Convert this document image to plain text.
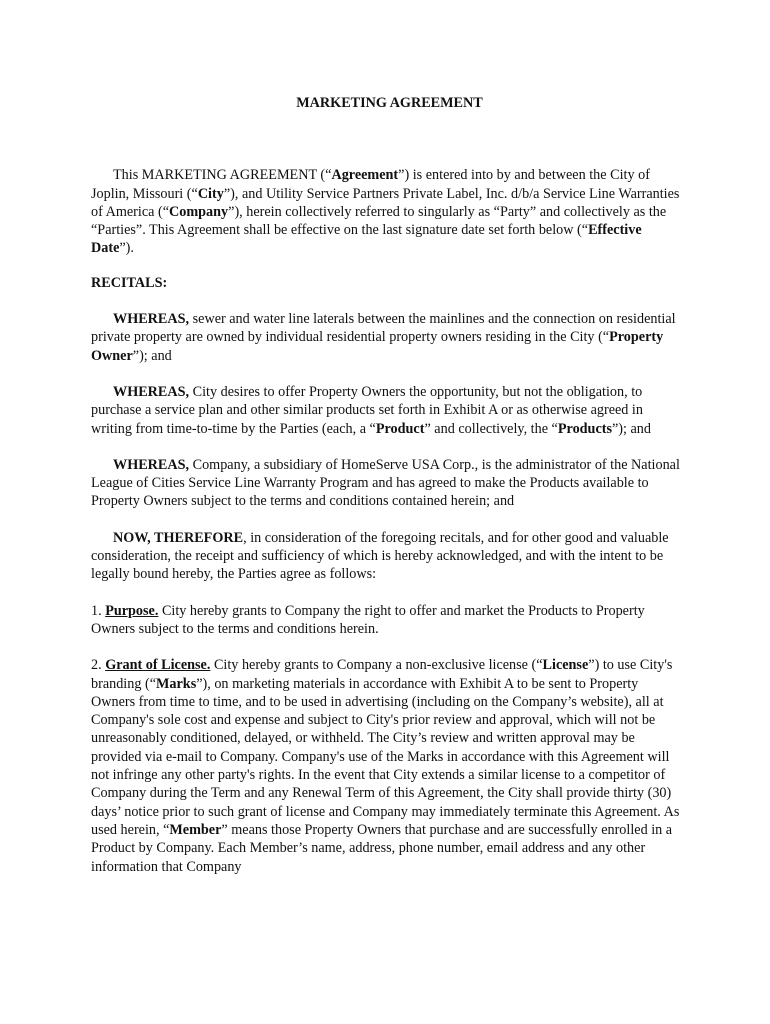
MARKETING AGREEMENT

This MARKETING AGREEMENT (“Agreement”) is entered into by and between the City of Joplin, Missouri (“City”), and Utility Service Partners Private Label, Inc. d/b/a Service Line Warranties of America (“Company”), herein collectively referred to singularly as “Party” and collectively as the “Parties”. This Agreement shall be effective on the last signature date set forth below (“Effective Date”).

RECITALS:

WHEREAS, sewer and water line laterals between the mainlines and the connection on residential private property are owned by individual residential property owners residing in the City (“Property Owner”); and

WHEREAS, City desires to offer Property Owners the opportunity, but not the obligation, to purchase a service plan and other similar products set forth in Exhibit A or as otherwise agreed in writing from time-to-time by the Parties (each, a “Product” and collectively, the “Products”); and

WHEREAS, Company, a subsidiary of HomeServe USA Corp., is the administrator of the National League of Cities Service Line Warranty Program and has agreed to make the Products available to Property Owners subject to the terms and conditions contained herein; and

NOW, THEREFORE, in consideration of the foregoing recitals, and for other good and valuable consideration, the receipt and sufficiency of which is hereby acknowledged, and with the intent to be legally bound hereby, the Parties agree as follows:

1. Purpose. City hereby grants to Company the right to offer and market the Products to Property Owners subject to the terms and conditions herein.

2. Grant of License. City hereby grants to Company a non-exclusive license (“License”) to use City's branding (“Marks”), on marketing materials in accordance with Exhibit A to be sent to Property Owners from time to time, and to be used in advertising (including on the Company’s website), all at Company's sole cost and expense and subject to City's prior review and approval, which will not be unreasonably conditioned, delayed, or withheld. The City’s review and written approval may be provided via e-mail to Company. Company's use of the Marks in accordance with this Agreement will not infringe any other party's rights. In the event that City extends a similar license to a competitor of Company during the Term and any Renewal Term of this Agreement, the City shall provide thirty (30) days’ notice prior to such grant of license and Company may immediately terminate this Agreement. As used herein, “Member” means those Property Owners that purchase and are successfully enrolled in a Product by Company. Each Member’s name, address, phone number, email address and any other information that Company
